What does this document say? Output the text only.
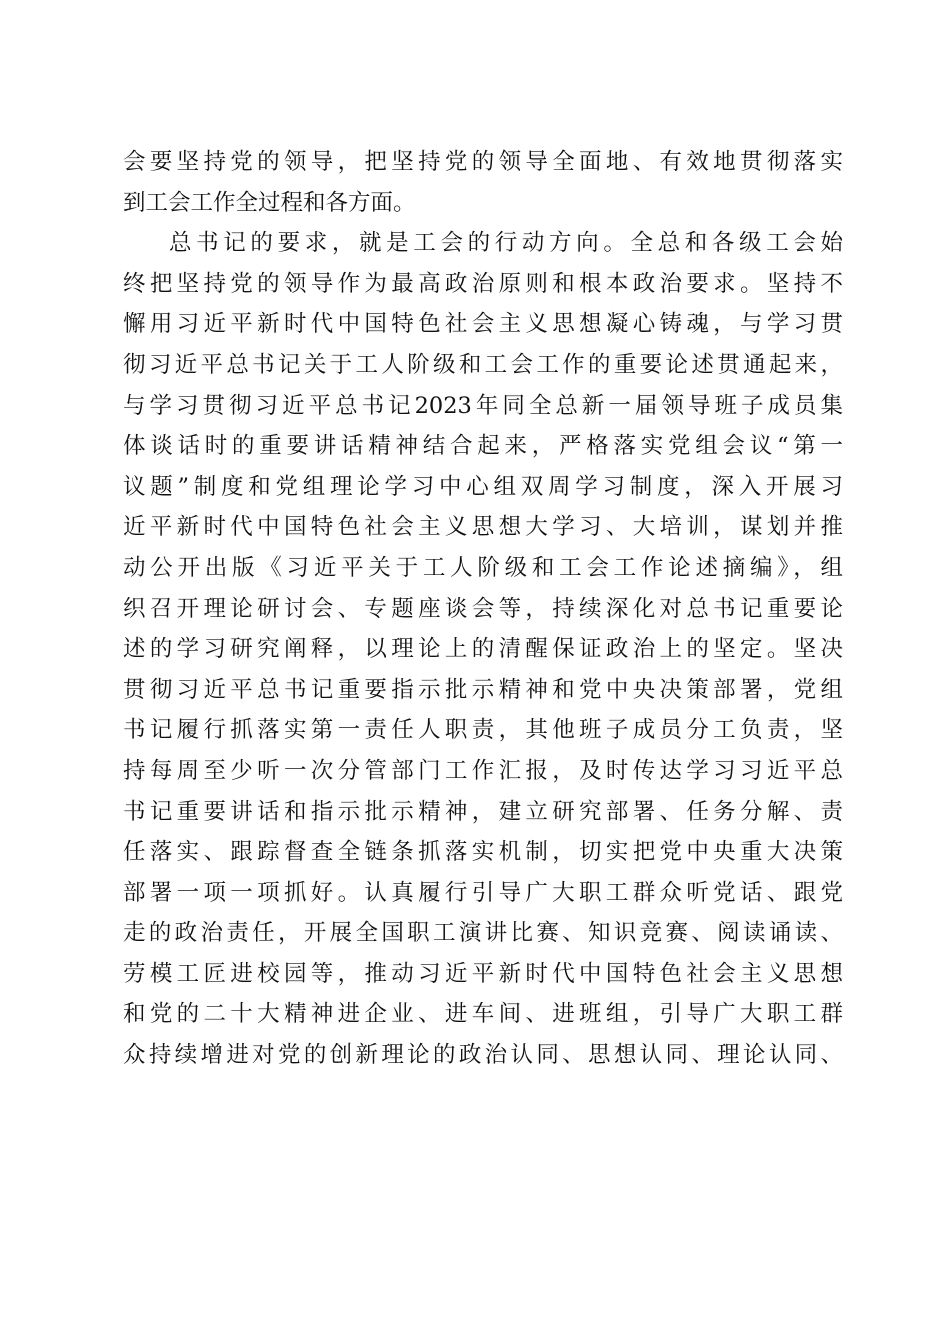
会要坚持党的领导，把坚持党的领导全面地、有效地贯彻落实
到工会工作全过程和各方面。
总书记的要求，就是工会的行动方向。全总和各级工会始
终把坚持党的领导作为最高政治原则和根本政治要求。坚持不
懈用习近平新时代中国特色社会主义思想凝心铸魂，与学习贯
彻习近平总书记关于工人阶级和工会工作的重要论述贯通起来，
与学习贯彻习近平总书记2023年同全总新一届领导班子成员集
体谈话时的重要讲话精神结合起来，严格落实党组会议“第一
议题”制度和党组理论学习中心组双周学习制度，深入开展习
近平新时代中国特色社会主义思想大学习、大培训，谋划并推
动公开出版《习近平关于工人阶级和工会工作论述摘编》，组
织召开理论研讨会、专题座谈会等，持续深化对总书记重要论
述的学习研究阐释，以理论上的清醒保证政治上的坚定。坚决
贯彻习近平总书记重要指示批示精神和党中央决策部署，党组
书记履行抓落实第一责任人职责，其他班子成员分工负责，坚
持每周至少听一次分管部门工作汇报，及时传达学习习近平总
书记重要讲话和指示批示精神，建立研究部署、任务分解、责
任落实、跟踪督查全链条抓落实机制，切实把党中央重大决策
部署一项一项抓好。认真履行引导广大职工群众听党话、跟党
走的政治责任，开展全国职工演讲比赛、知识竞赛、阅读诵读、
劳模工匠进校园等，推动习近平新时代中国特色社会主义思想
和党的二十大精神进企业、进车间、进班组，引导广大职工群
众持续增进对党的创新理论的政治认同、思想认同、理论认同、
